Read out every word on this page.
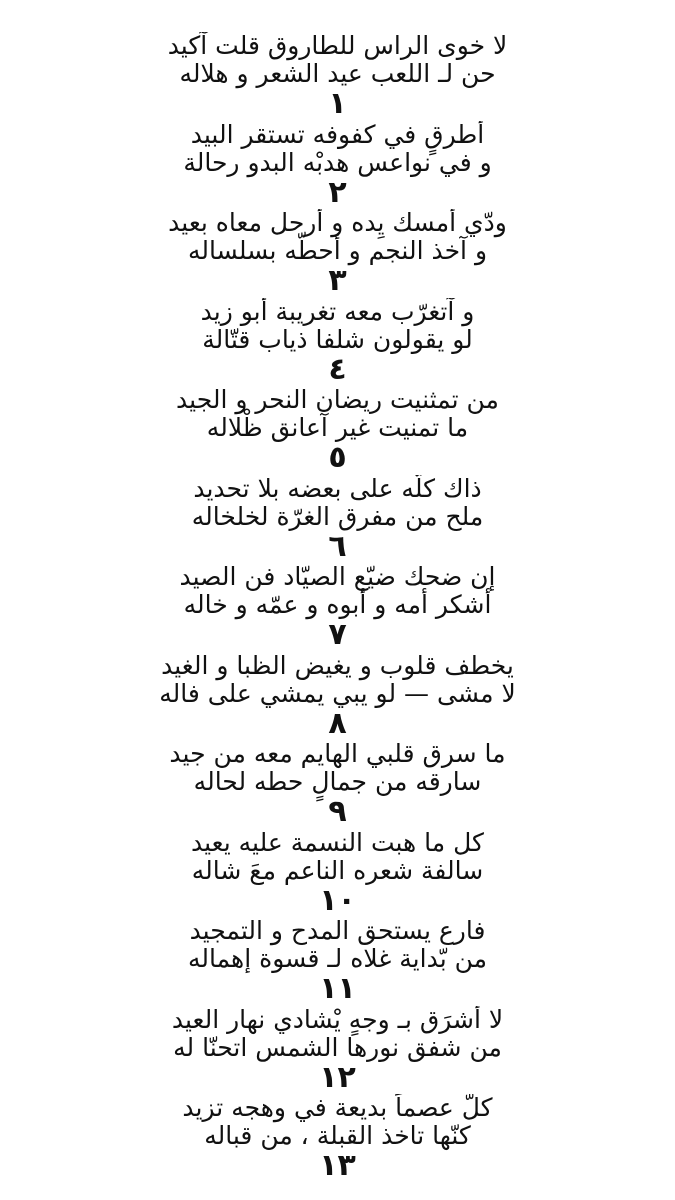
لا خوى الراس للطاروق قلت آكيد
حن لـ اللعب عيد الشعر و هلاله
١
أطرقٍ في كفوفه تستقر البيد
و في نواعس هدبْه البدو رحالة
٢
ودّي أمسك يِده و أرحل معاه بعيد
و آخذ النجم و أحطّه بسلساله
٣
و آتغرّب معه تغريبة أبو زيد
لو يقولون شلفا ذياب قتّالة
٤
من تمثنيت ريضان النحر و الجيد
ما تمنيت غير آعانق ظْلاله
٥
ذاك كلّه على بعضه بلا تحديد
ملح من مفرق الغرّة لخلخاله
٦
إن ضحك ضيّع الصيّاد فن الصيد
أشكر أمه و أبوه و عمّه و خاله
٧
يخطف قلوب و يغيض الظبا و الغيد
لا مشى — لو يبي يمشي على فاله
٨
ما سرق قلبي الهايم معه من جيد
سارقه من جمالٍ حطه لحاله
٩
كل ما هبت النسمة عليه يعيد
سالفة شعره الناعم معَ شاله
١٠
فارع يستحق المدح و التمجيد
من بّداية غلاه لـ قسوة إهماله
١١
لا أشرَق بـ وجهٍ يْشادي نهار العيد
من شفق نورها الشمس اتحنّا له
١٢
كلّ عصماً بديعة في وهجه تزيد
كنّها تاخذ القبلة ، من قباله
١٣
